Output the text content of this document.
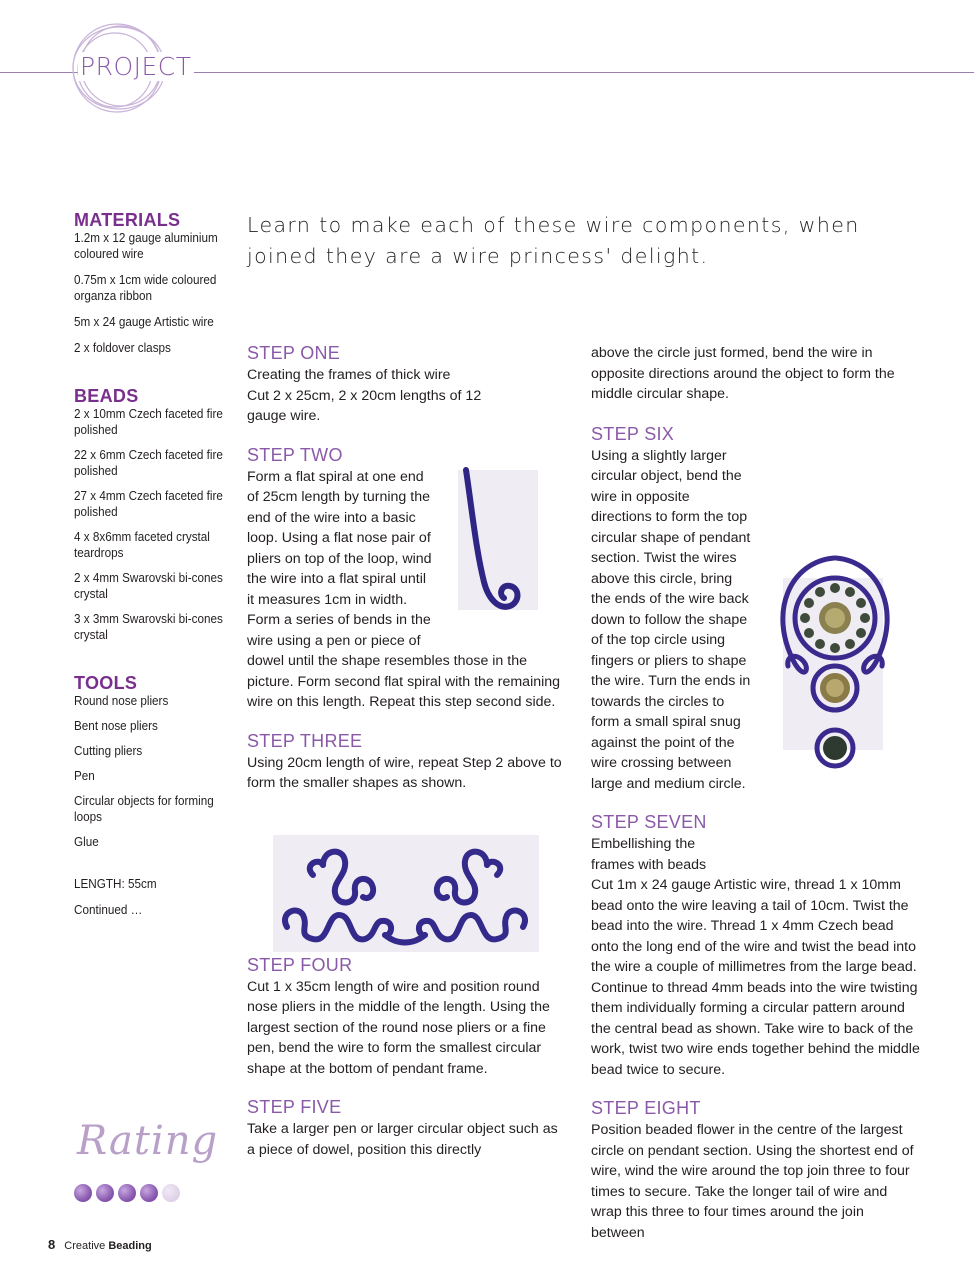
PROJECT
Learn to make each of these wire components, when joined they are a wire princess' delight.
MATERIALS
1.2m x 12 gauge aluminium coloured wire
0.75m x 1cm wide coloured organza ribbon
5m x 24 gauge Artistic wire
2 x foldover clasps
BEADS
2 x 10mm Czech faceted fire polished
22 x 6mm Czech faceted fire polished
27 x 4mm Czech faceted fire polished
4 x 8x6mm faceted crystal teardrops
2 x 4mm Swarovski bi-cones crystal
3 x 3mm Swarovski bi-cones crystal
TOOLS
Round nose pliers
Bent nose pliers
Cutting pliers
Pen
Circular objects for forming loops
Glue
LENGTH: 55cm
Continued …
STEP ONE

Creating the frames of thick wire

Cut 2 x 25cm, 2 x 20cm lengths of 12 gauge wire.

STEP TWO

Form a flat spiral at one end of 25cm length by turning the end of the wire into a basic loop. Using a flat nose pair of pliers on top of the loop, wind the wire into a flat spiral until it measures 1cm in width. Form a series of bends in the wire using a pen or piece of dowel until the shape resembles those in the picture. Form second flat spiral with the remaining wire on this length. Repeat this step second side.

STEP THREE

Using 20cm length of wire, repeat Step 2 above to form the smaller shapes as shown.

STEP FOUR

Cut 1 x 35cm length of wire and position round nose pliers in the middle of the length. Using the largest section of the round nose pliers or a fine pen, bend the wire to form the smallest circular shape at the bottom of pendant frame.

STEP FIVE

Take a larger pen or larger circular object such as a piece of dowel, position this directly

above the circle just formed, bend the wire in opposite directions around the object to form the middle circular shape.

STEP SIX

Using a slightly larger circular object, bend the wire in opposite directions to form the top circular shape of pendant section. Twist the wires above this circle, bring the ends of the wire back down to follow the shape of the top circle using fingers or pliers to shape the wire. Turn the ends in towards the circles to form a small spiral snug against the point of the wire crossing between large and medium circle.

STEP SEVEN

Embellishing the frames with beads

Cut 1m x 24 gauge Artistic wire, thread 1 x 10mm bead onto the wire leaving a tail of 10cm. Twist the bead into the wire. Thread 1 x 4mm Czech bead onto the long end of the wire and twist the bead into the wire a couple of millimetres from the large bead. Continue to thread 4mm beads into the wire twisting them individually forming a circular pattern around the central bead as shown. Take wire to back of the work, twist two wire ends together behind the middle bead twice to secure.

STEP EIGHT

Position beaded flower in the centre of the largest circle on pendant section. Using the shortest end of wire, wind the wire around the top join three to four times to secure. Take the longer tail of wire and wrap this three to four times around the join between

Rating
8 Creative Beading
